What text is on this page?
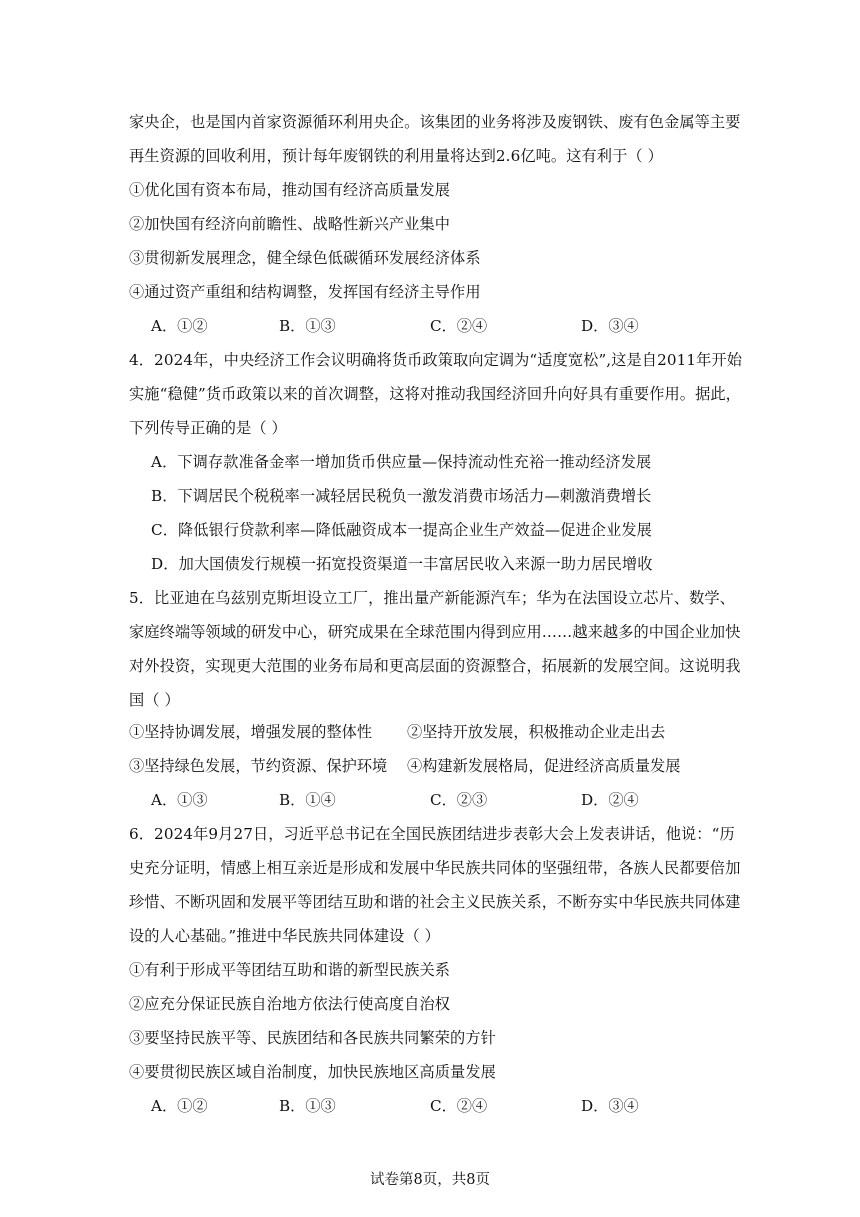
家央企，也是国内首家资源循环利用央企。该集团的业务将涉及废钢铁、废有色金属等主要
再生资源的回收利用，预计每年废钢铁的利用量将达到2.6亿吨。这有利于（ ）
①优化国有资本布局，推动国有经济高质量发展
②加快国有经济向前瞻性、战略性新兴产业集中
③贯彻新发展理念，健全绿色低碳循环发展经济体系
④通过资产重组和结构调整，发挥国有经济主导作用
A．①②	B．①③	C．②④	D．③④
4．2024年，中央经济工作会议明确将货币政策取向定调为“适度宽松”,这是自2011年开始
实施“稳健”货币政策以来的首次调整，这将对推动我国经济回升向好具有重要作用。据此，
下列传导正确的是（ ）
A．下调存款准备金率一增加货币供应量—保持流动性充裕一推动经济发展
B．下调居民个税税率一减轻居民税负一激发消费市场活力—刺激消费增长
C．降低银行贷款利率—降低融资成本一提高企业生产效益—促进企业发展
D．加大国债发行规模一拓宽投资渠道一丰富居民收入来源一助力居民增收
5．比亚迪在乌兹别克斯坦设立工厂，推出量产新能源汽车；华为在法国设立芯片、数学、
家庭终端等领域的研发中心，研究成果在全球范围内得到应用……越来越多的中国企业加快
对外投资，实现更大范围的业务布局和更高层面的资源整合，拓展新的发展空间。这说明我
国（ ）
①坚持协调发展，增强发展的整体性 ②坚持开放发展，积极推动企业走出去
③坚持绿色发展，节约资源、保护环境 ④构建新发展格局，促进经济高质量发展
A．①③	B．①④	C．②③	D．②④
6．2024年9月27日，习近平总书记在全国民族团结进步表彰大会上发表讲话，他说：“历
史充分证明，情感上相互亲近是形成和发展中华民族共同体的坚强纽带，各族人民都要倍加
珍惜、不断巩固和发展平等团结互助和谐的社会主义民族关系，不断夯实中华民族共同体建
设的人心基础。”推进中华民族共同体建设（ ）
①有利于形成平等团结互助和谐的新型民族关系
②应充分保证民族自治地方依法行使高度自治权
③要坚持民族平等、民族团结和各民族共同繁荣的方针
④要贯彻民族区域自治制度，加快民族地区高质量发展
A．①②	B．①③	C．②④	D．③④
试卷第8页，共8页
